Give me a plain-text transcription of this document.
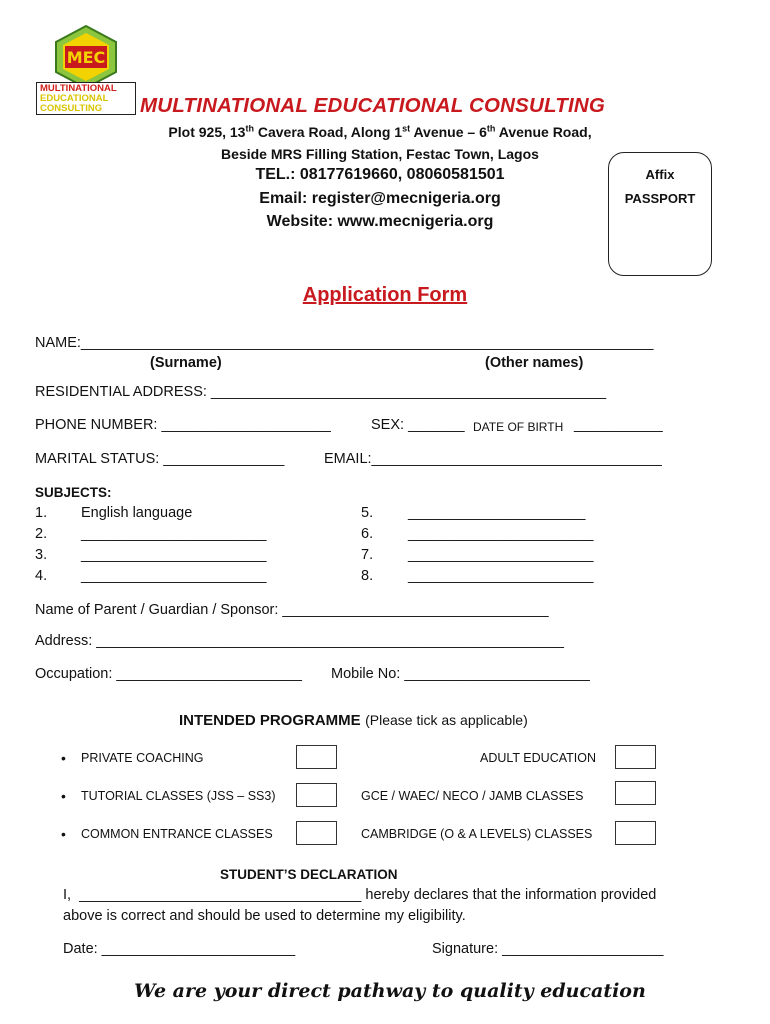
MEC
MULTINATIONAL
EDUCATIONAL
CONSULTING	MULTINATIONAL EDUCATIONAL CONSULTING
Plot 925, 13th Cavera Road, Along 1st Avenue – 6th Avenue Road,
Beside MRS Filling Station, Festac Town, Lagos
TEL.: 08177619660, 08060581501
Email: register@mecnigeria.org
Website: www.mecnigeria.org
Affix
PASSPORT
Application Form
NAME:_______________________________________________________________________
(Surname)	(Other names)
RESIDENTIAL ADDRESS: _________________________________________________
PHONE NUMBER: _____________________	SEX: _______ DATE OF BIRTH ___________
MARITAL STATUS: _______________	EMAIL:____________________________________
SUBJECTS:
1. English language
2. _______________________
3. _______________________
4. _______________________
5. ______________________
6. _______________________
7. _______________________
8. _______________________
Name of Parent / Guardian / Sponsor: _________________________________
Address: __________________________________________________________
Occupation: _______________________ Mobile No: _______________________
INTENDED PROGRAMME (Please tick as applicable)
• PRIVATE COACHING	ADULT EDUCATION
• TUTORIAL CLASSES (JSS – SS3)	GCE / WAEC/ NECO / JAMB CLASSES
• COMMON ENTRANCE CLASSES	CAMBRIDGE (O & A LEVELS) CLASSES
STUDENT’S DECLARATION
I,  ___________________________________ hereby declares that the information provided
above is correct and should be used to determine my eligibility.
Date: ________________________	Signature: ____________________
We are your direct pathway to quality education
